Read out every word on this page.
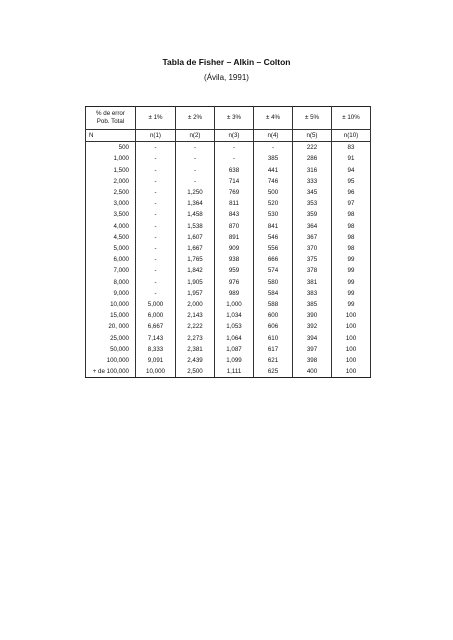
Tabla de Fisher – Alkin – Colton
(Ávila, 1991)
% de error
Pob. Total	± 1%	± 2%	± 3%	± 4%	± 5%	± 10%
N	n(1)	n(2)	n(3)	n(4)	n(5)	n(10)
500	-	-	-	-	222	83
1,000	-	-	-	385	286	91
1,500	-	-	638	441	316	94
2,000	-	-	714	746	333	95
2,500	-	1,250	769	500	345	96
3,000	-	1,364	811	520	353	97
3,500	-	1,458	843	530	359	98
4,000	-	1,538	870	841	364	98
4,500	-	1,607	891	546	367	98
5,000	-	1,667	909	556	370	98
6,000	-	1,765	938	666	375	99
7,000	-	1,842	959	574	378	99
8,000	-	1,905	976	580	381	99
9,000	-	1,957	989	584	383	99
10,000	5,000	2,000	1,000	588	385	99
15,000	6,000	2,143	1,034	600	390	100
20, 000	6,667	2,222	1,053	606	392	100
25,000	7,143	2,273	1,064	610	394	100
50,000	8,333	2,381	1,087	617	397	100
100,000	9,091	2,439	1,099	621	398	100
+ de 100,000	10,000	2,500	1,111	625	400	100
